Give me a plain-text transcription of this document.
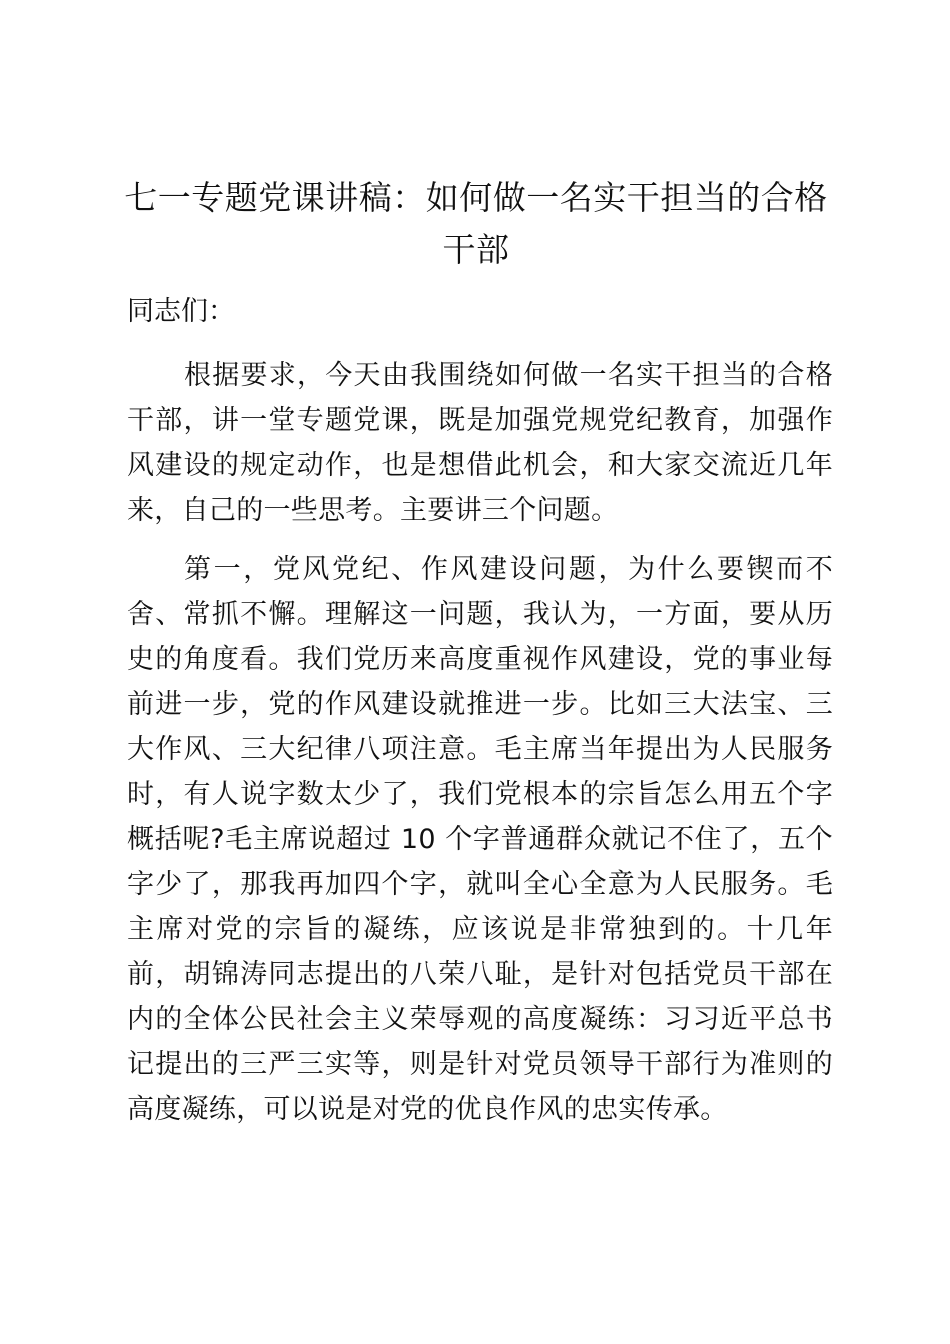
七一专题党课讲稿：如何做一名实干担当的合格干部

同志们：

根据要求，今天由我围绕如何做一名实干担当的合格干部，讲一堂专题党课，既是加强党规党纪教育，加强作风建设的规定动作，也是想借此机会，和大家交流近几年来，自己的一些思考。主要讲三个问题。

第一，党风党纪、作风建设问题，为什么要锲而不舍、常抓不懈。理解这一问题，我认为，一方面，要从历史的角度看。我们党历来高度重视作风建设，党的事业每前进一步，党的作风建设就推进一步。比如三大法宝、三大作风、三大纪律八项注意。毛主席当年提出为人民服务时，有人说字数太少了，我们党根本的宗旨怎么用五个字概括呢?毛主席说超过 10 个字普通群众就记不住了，五个字少了，那我再加四个字，就叫全心全意为人民服务。毛主席对党的宗旨的凝练，应该说是非常独到的。十几年前，胡锦涛同志提出的八荣八耻，是针对包括党员干部在内的全体公民社会主义荣辱观的高度凝练：习习近平总书记提出的三严三实等，则是针对党员领导干部行为准则的高度凝练，可以说是对党的优良作风的忠实传承。
